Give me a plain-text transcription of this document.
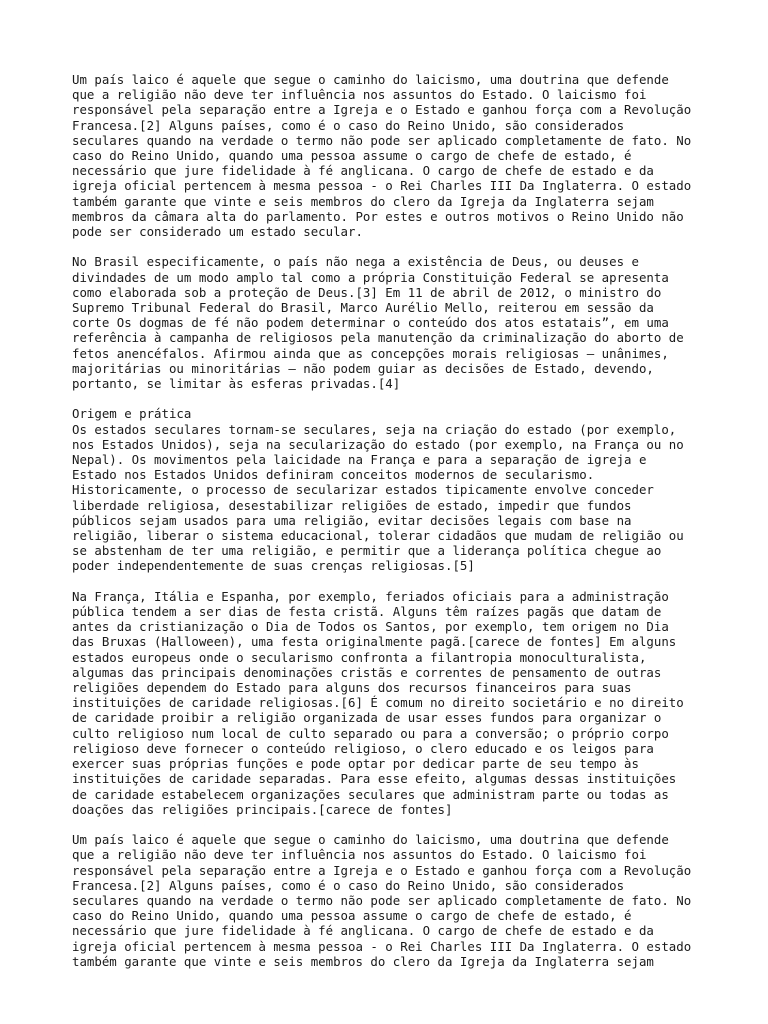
Um país laico é aquele que segue o caminho do laicismo, uma doutrina que defende
que a religião não deve ter influência nos assuntos do Estado. O laicismo foi
responsável pela separação entre a Igreja e o Estado e ganhou força com a Revolução
Francesa.[2] Alguns países, como é o caso do Reino Unido, são considerados
seculares quando na verdade o termo não pode ser aplicado completamente de fato. No
caso do Reino Unido, quando uma pessoa assume o cargo de chefe de estado, é
necessário que jure fidelidade à fé anglicana. O cargo de chefe de estado e da
igreja oficial pertencem à mesma pessoa - o Rei Charles III Da Inglaterra. O estado
também garante que vinte e seis membros do clero da Igreja da Inglaterra sejam
membros da câmara alta do parlamento. Por estes e outros motivos o Reino Unido não
pode ser considerado um estado secular.

No Brasil especificamente, o país não nega a existência de Deus, ou deuses e
divindades de um modo amplo tal como a própria Constituição Federal se apresenta
como elaborada sob a proteção de Deus.[3] Em 11 de abril de 2012, o ministro do
Supremo Tribunal Federal do Brasil, Marco Aurélio Mello, reiterou em sessão da
corte Os dogmas de fé não podem determinar o conteúdo dos atos estatais”, em uma
referência à campanha de religiosos pela manutenção da criminalização do aborto de
fetos anencéfalos. Afirmou ainda que as concepções morais religiosas — unânimes,
majoritárias ou minoritárias — não podem guiar as decisões de Estado, devendo,
portanto, se limitar às esferas privadas.[4]

Origem e prática

Os estados seculares tornam-se seculares, seja na criação do estado (por exemplo,
nos Estados Unidos), seja na secularização do estado (por exemplo, na França ou no
Nepal). Os movimentos pela laicidade na França e para a separação de igreja e
Estado nos Estados Unidos definiram conceitos modernos de secularismo.
Historicamente, o processo de secularizar estados tipicamente envolve conceder
liberdade religiosa, desestabilizar religiões de estado, impedir que fundos
públicos sejam usados para uma religião, evitar decisões legais com base na
religião, liberar o sistema educacional, tolerar cidadãos que mudam de religião ou
se abstenham de ter uma religião, e permitir que a liderança política chegue ao
poder independentemente de suas crenças religiosas.[5]

Na França, Itália e Espanha, por exemplo, feriados oficiais para a administração
pública tendem a ser dias de festa cristã. Alguns têm raízes pagãs que datam de
antes da cristianização o Dia de Todos os Santos, por exemplo, tem origem no Dia
das Bruxas (Halloween), uma festa originalmente pagã.[carece de fontes] Em alguns
estados europeus onde o secularismo confronta a filantropia monoculturalista,
algumas das principais denominações cristãs e correntes de pensamento de outras
religiões dependem do Estado para alguns dos recursos financeiros para suas
instituições de caridade religiosas.[6] É comum no direito societário e no direito
de caridade proibir a religião organizada de usar esses fundos para organizar o
culto religioso num local de culto separado ou para a conversão; o próprio corpo
religioso deve fornecer o conteúdo religioso, o clero educado e os leigos para
exercer suas próprias funções e pode optar por dedicar parte de seu tempo às
instituições de caridade separadas. Para esse efeito, algumas dessas instituições
de caridade estabelecem organizações seculares que administram parte ou todas as
doações das religiões principais.[carece de fontes]

Um país laico é aquele que segue o caminho do laicismo, uma doutrina que defende
que a religião não deve ter influência nos assuntos do Estado. O laicismo foi
responsável pela separação entre a Igreja e o Estado e ganhou força com a Revolução
Francesa.[2] Alguns países, como é o caso do Reino Unido, são considerados
seculares quando na verdade o termo não pode ser aplicado completamente de fato. No
caso do Reino Unido, quando uma pessoa assume o cargo de chefe de estado, é
necessário que jure fidelidade à fé anglicana. O cargo de chefe de estado e da
igreja oficial pertencem à mesma pessoa - o Rei Charles III Da Inglaterra. O estado
também garante que vinte e seis membros do clero da Igreja da Inglaterra sejam
